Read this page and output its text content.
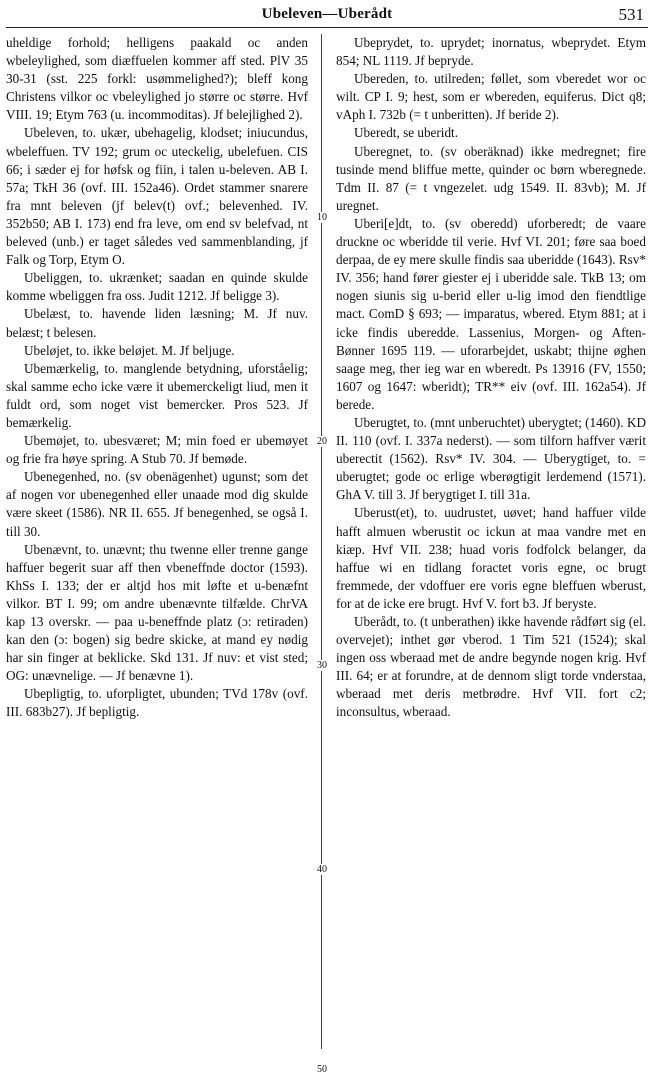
Ubeleven—Uberådt	531

uheldige forhold; helligens paakald oc anden wbeleylighed, som diæffuelen kommer aff sted. PlV 35 30-31 (sst. 225 forkl: usømmelighed?); bleff kong Christens vilkor oc vbeleylighed jo større oc større. Hvf VIII. 19; Etym 763 (u. incommoditas). Jf belejlighed 2).

Ubeleven, to. ukær, ubehagelig, klodset; iniucundus, wbeleffuen. TV 192; grum oc uteckelig, ubelefuen. CIS 66; i sæder ej for høfsk og fiin, i talen u-beleven. AB I. 57a; TkH 36 (ovf. III. 152a46). Ordet stammer snarere fra mnt beleven (jf belev(t) ovf.; belevenhed. IV. 352b50; AB I. 173) end fra leve, om end sv belefvad, nt beleved (unb.) er taget således ved sammenblanding, jf Falk og Torp, Etym O.

Ubeliggen, to. ukrænket; saadan en quinde skulde komme wbeliggen fra oss. Judit 1212. Jf beligge 3).

Ubelæst, to. havende liden læsning; M. Jf nuv. belæst; t belesen.

Ubeløjet, to. ikke beløjet. M. Jf beljuge.

Ubemærkelig, to. manglende betydning, uforståelig; skal samme echo icke være it ubemerckeligt liud, men it fuldt ord, som noget vist bemercker. Pros 523. Jf bemærkelig.

Ubemøjet, to. ubesværet; M; min foed er ubemøyet og frie fra høye spring. A Stub 70. Jf bemøde.

Ubenegenhed, no. (sv obenägenhet) ugunst; som det af nogen vor ubenegenhed eller unaade mod dig skulde være skeet (1586). NR II. 655. Jf benegenhed, se også I. till 30.

Ubenævnt, to. unævnt; thu twenne eller trenne gange haffuer begerit suar aff then vbeneffnde doctor (1593). KhSs I. 133; der er altjd hos mit løfte et u-benæfnt vilkor. BT I. 99; om andre ubenævnte tilfælde. ChrVA kap 13 overskr. — paa u-beneffnde platz (ɔ: retiraden) kan den (ɔ: bogen) sig bedre skicke, at mand ey nødig har sin finger at beklicke. Skd 131. Jf nuv: et vist sted; OG: unævnelige. — Jf benævne 1).

Ubepligtig, to. uforpligtet, ubunden; TVd 178v (ovf. III. 683b27). Jf bepligtig.

10
20
30
40
50

Ubeprydet, to. uprydet; inornatus, wbeprydet. Etym 854; NL 1119. Jf bepryde.

Ubereden, to. utilreden; føllet, som vberedet wor oc wilt. CP I. 9; hest, som er wbereden, equiferus. Dict q8; vAph I. 732b (= t unberitten). Jf beride 2).

Uberedt, se uberidt.

Uberegnet, to. (sv oberäknad) ikke medregnet; fire tusinde mend bliffue mette, quinder oc børn wberegnede. Tdm II. 87 (= t vngezelet. udg 1549. II. 83vb); M. Jf uregnet.

Uberi[e]dt, to. (sv oberedd) uforberedt; de vaare druckne oc wberidde til verie. Hvf VI. 201; føre saa boed derpaa, de ey mere skulle findis saa uberidde (1643). Rsv* IV. 356; hand fører giester ej i uberidde sale. TkB 13; om nogen siunis sig u-berid eller u-lig imod den fiendtlige mact. ComD § 693; — imparatus, wbered. Etym 881; at i icke findis uberedde. Lassenius, Morgen- og Aften-Bønner 1695 119. — uforarbejdet, uskabt; thijne øghen saage meg, ther ieg war en wberedt. Ps 13916 (FV, 1550; 1607 og 1647: wberidt); TR** eiv (ovf. III. 162a54). Jf berede.

Uberugtet, to. (mnt unberuchtet) uberygtet; (1460). KD II. 110 (ovf. I. 337a nederst). — som tilforn haffver værit uberectit (1562). Rsv* IV. 304. — Uberygtiget, to. = uberugtet; gode oc erlige wberøgtigit lerdemend (1571). GhA V. till 3. Jf berygtiget I. till 31a.

Uberust(et), to. uudrustet, uøvet; hand haffuer vilde hafft almuen wberustit oc ickun at maa vandre met en kiæp. Hvf VII. 238; huad voris fodfolck belanger, da haffue wi en tidlang foractet voris egne, oc brugt fremmede, der vdoffuer ere voris egne bleffuen wberust, for at de icke ere brugt. Hvf V. fort b3. Jf beryste.

Uberådt, to. (t unberathen) ikke havende rådført sig (el. overvejet); inthet gør vberod. 1 Tim 521 (1524); skal ingen oss wberaad met de andre begynde nogen krig. Hvf III. 64; er at forundre, at de dennom sligt torde vnderstaa, wberaad met deris metbrødre. Hvf VII. fort c2; inconsultus, wberaad.
